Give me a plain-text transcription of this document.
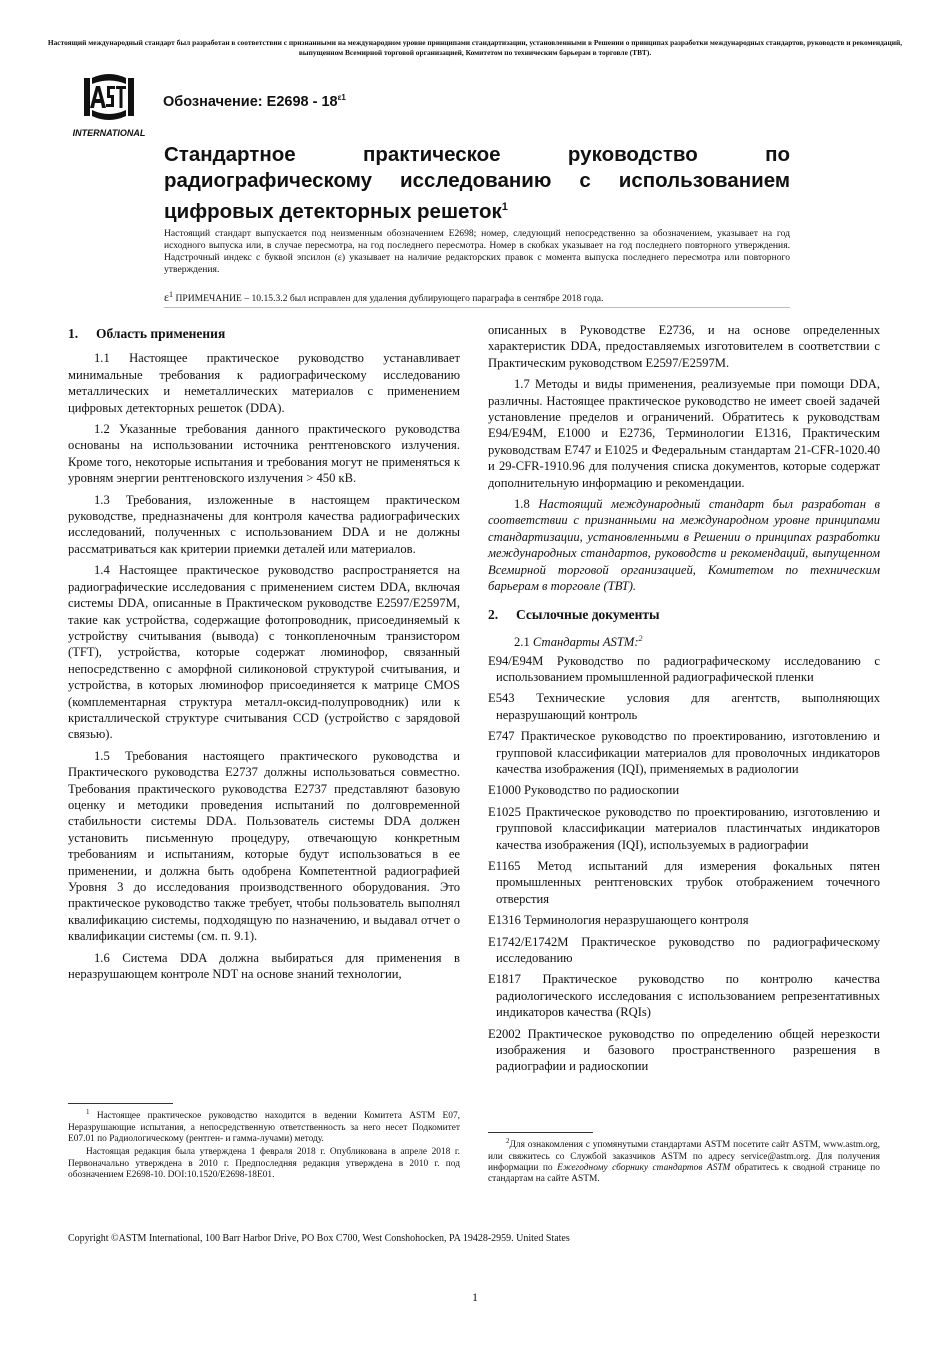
Настоящий международный стандарт был разработан в соответствии с признанными на международном уровне принципами стандартизации, установленными в Решении о принципах разработки международных стандартов, руководств и рекомендаций, выпущенном Всемирной торговой организацией, Комитетом по техническим барьерам в торговле (ТВТ).
INTERNATIONAL
Обозначение: $E2698 - 18^{\varepsilon 1}$
Стандартное практическое руководство по радиографическому исследованию с использованием цифровых детекторных решеток$^1$
Настоящий стандарт выпускается под неизменным обозначением E2698; номер, следующий непосредственно за обозначением, указывает на год исходного выпуска или, в случае пересмотра, на год последнего пересмотра. Номер в скобках указывает на год последнего повторного утверждения. Надстрочный индекс с буквой эпсилон (ε) указывает на наличие редакторских правок с момента выпуска последнего пересмотра или повторного утверждения.
$\varepsilon^1$ ПРИМЕЧАНИЕ – 10.15.3.2 был исправлен для удаления дублирующего параграфа в сентябре 2018 года.
1. Область применения

1.1 Настоящее практическое руководство устанавливает минимальные требования к радиографическому исследованию металлических и неметаллических материалов с применением цифровых детекторных решеток (DDA).

1.2 Указанные требования данного практического руководства основаны на использовании источника рентгеновского излучения. Кроме того, некоторые испытания и требования могут не применяться к уровням энергии рентгеновского излучения > 450 кВ.

1.3 Требования, изложенные в настоящем практическом руководстве, предназначены для контроля качества радиографических исследований, полученных с использованием DDA и не должны рассматриваться как критерии приемки деталей или материалов.

1.4 Настоящее практическое руководство распространяется на радиографические исследования с применением систем DDA, включая системы DDA, описанные в Практическом руководстве E2597/E2597M, такие как устройства, содержащие фотопроводник, присоединяемый к устройству считывания (вывода) с тонкопленочным транзистором (TFT), устройства, которые содержат люминофор, связанный непосредственно с аморфной силиконовой структурой считывания, и устройства, в которых люминофор присоединяется к матрице CMOS (комплементарная структура металл-оксид-полупроводник) или к кристаллической структуре считывания CCD (устройство с зарядовой связью).

1.5 Требования настоящего практического руководства и Практического руководства E2737 должны использоваться совместно. Требования практического руководства E2737 представляют базовую оценку и методики проведения испытаний по долговременной стабильности системы DDA. Пользователь системы DDA должен установить письменную процедуру, отвечающую конкретным требованиям и испытаниям, которые будут использоваться в ее применении, и должна быть одобрена Компетентной радиографией Уровня 3 до исследования производственного оборудования. Это практическое руководство также требует, чтобы пользователь выполнял квалификацию системы, подходящую по назначению, и выдавал отчет о квалификации системы (см. п. 9.1).

1.6 Система DDA должна выбираться для применения в неразрушающем контроле NDT на основе знаний технологии,

$^1$ Настоящее практическое руководство находится в ведении Комитета ASTM E07, Неразрушающие испытания, а непосредственную ответственность за него несет Подкомитет E07.01 по Радиологическому (рентген- и гамма-лучами) методу.

Настоящая редакция была утверждена 1 февраля 2018 г. Опубликована в апреле 2018 г. Первоначально утверждена в 2010 г. Предпоследняя редакция утверждена в 2010 г. под обозначением E2698-10. DOI:10.1520/E2698-18E01.

описанных в Руководстве E2736, и на основе определенных характеристик DDA, предоставляемых изготовителем в соответствии с Практическим руководством E2597/E2597M.

1.7 Методы и виды применения, реализуемые при помощи DDA, различны. Настоящее практическое руководство не имеет своей задачей установление пределов и ограничений. Обратитесь к руководствам E94/E94M, E1000 и E2736, Терминологии E1316, Практическим руководствам E747 и E1025 и Федеральным стандартам 21-CFR-1020.40 и 29-CFR-1910.96 для получения списка документов, которые содержат дополнительную информацию и рекомендации.

1.8 Настоящий международный стандарт был разработан в соответствии с признанными на международном уровне принципами стандартизации, установленными в Решении о принципах разработки международных стандартов, руководств и рекомендаций, выпущенном Всемирной торговой организацией, Комитетом по техническим барьерам в торговле (ТВТ).

2. Ссылочные документы

2.1 Стандарты ASTM:$^2$

E94/E94M Руководство по радиографическому исследованию с использованием промышленной радиографической пленки

E543 Технические условия для агентств, выполняющих неразрушающий контроль

E747 Практическое руководство по проектированию, изготовлению и групповой классификации материалов для проволочных индикаторов качества изображения (IQI), применяемых в радиологии

E1000 Руководство по радиоскопии

E1025 Практическое руководство по проектированию, изготовлению и групповой классификации материалов пластинчатых индикаторов качества изображения (IQI), используемых в радиографии

E1165 Метод испытаний для измерения фокальных пятен промышленных рентгеновских трубок отображением точечного отверстия

E1316 Терминология неразрушающего контроля

E1742/E1742M Практическое руководство по радиографическому исследованию

E1817 Практическое руководство по контролю качества радиологического исследования с использованием репрезентативных индикаторов качества (RQIs)

E2002 Практическое руководство по определению общей нерезкости изображения и базового пространственного разрешения в радиографии и радиоскопии

$^2$Для ознакомления с упомянутыми стандартами ASTM посетите сайт ASTM, www.astm.org, или свяжитесь со Службой заказчиков ASTM по адресу service@astm.org. Для получения информации по Ежегодному сборнику стандартов ASTM обратитесь к сводной странице по стандартам на сайте ASTM.

Copyright ©ASTM International, 100 Barr Harbor Drive, PO Box C700, West Conshohocken, PA 19428-2959. United States
1
